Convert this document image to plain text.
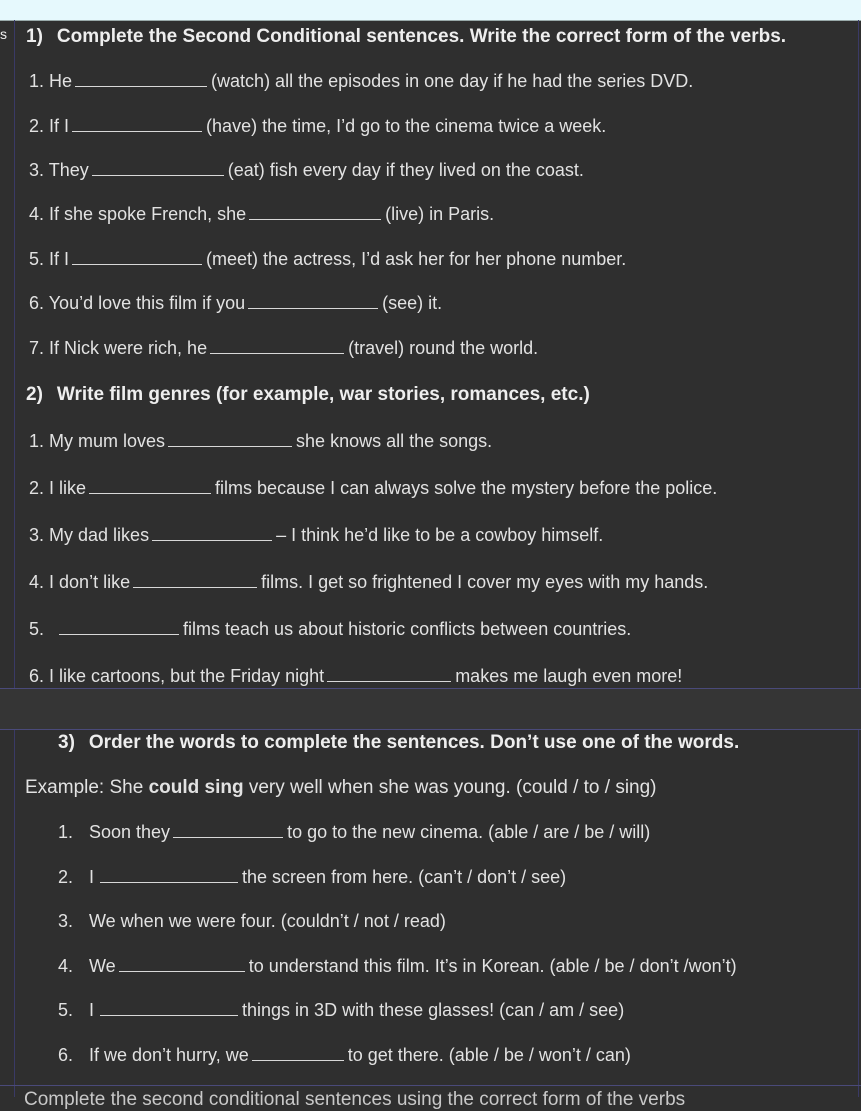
s 1) Complete the Second Conditional sentences. Write the correct form of the verbs.
1. He	(watch) all the episodes in one day if he had the series DVD.
2. If I	(have) the time, I’d go to the cinema twice a week.
3. They	(eat) fish every day if they lived on the coast.
4. If she spoke French, she	(live) in Paris.
5. If I	(meet) the actress, I’d ask her for her phone number.
6. You’d love this film if you	(see) it.
7. If Nick were rich, he	(travel) round the world.
2) Write film genres (for example, war stories, romances, etc.)
1. My mum loves	she knows all the songs.
2. I like	films because I can always solve the mystery before the police.
3. My dad likes	– I think he’d like to be a cowboy himself.
4. I don’t like	films. I get so frightened I cover my eyes with my hands.
5.	films teach us about historic conflicts between countries.
6. I like cartoons, but the Friday night	makes me laugh even more!
3) Order the words to complete the sentences. Don’t use one of the words.
Example: She could sing very well when she was young. (could / to / sing)
1. Soon they	to go to the new cinema. (able / are / be / will)
2. I	the screen from here. (can’t / don’t / see)
3. We when we were four. (couldn’t / not / read)
4. We	to understand this film. It’s in Korean. (able / be / don’t /won’t)
5. I	things in 3D with these glasses! (can / am / see)
6. If we don’t hurry, we	to get there. (able / be / won’t / can)
Complete the second conditional sentences using the correct form of the verbs
